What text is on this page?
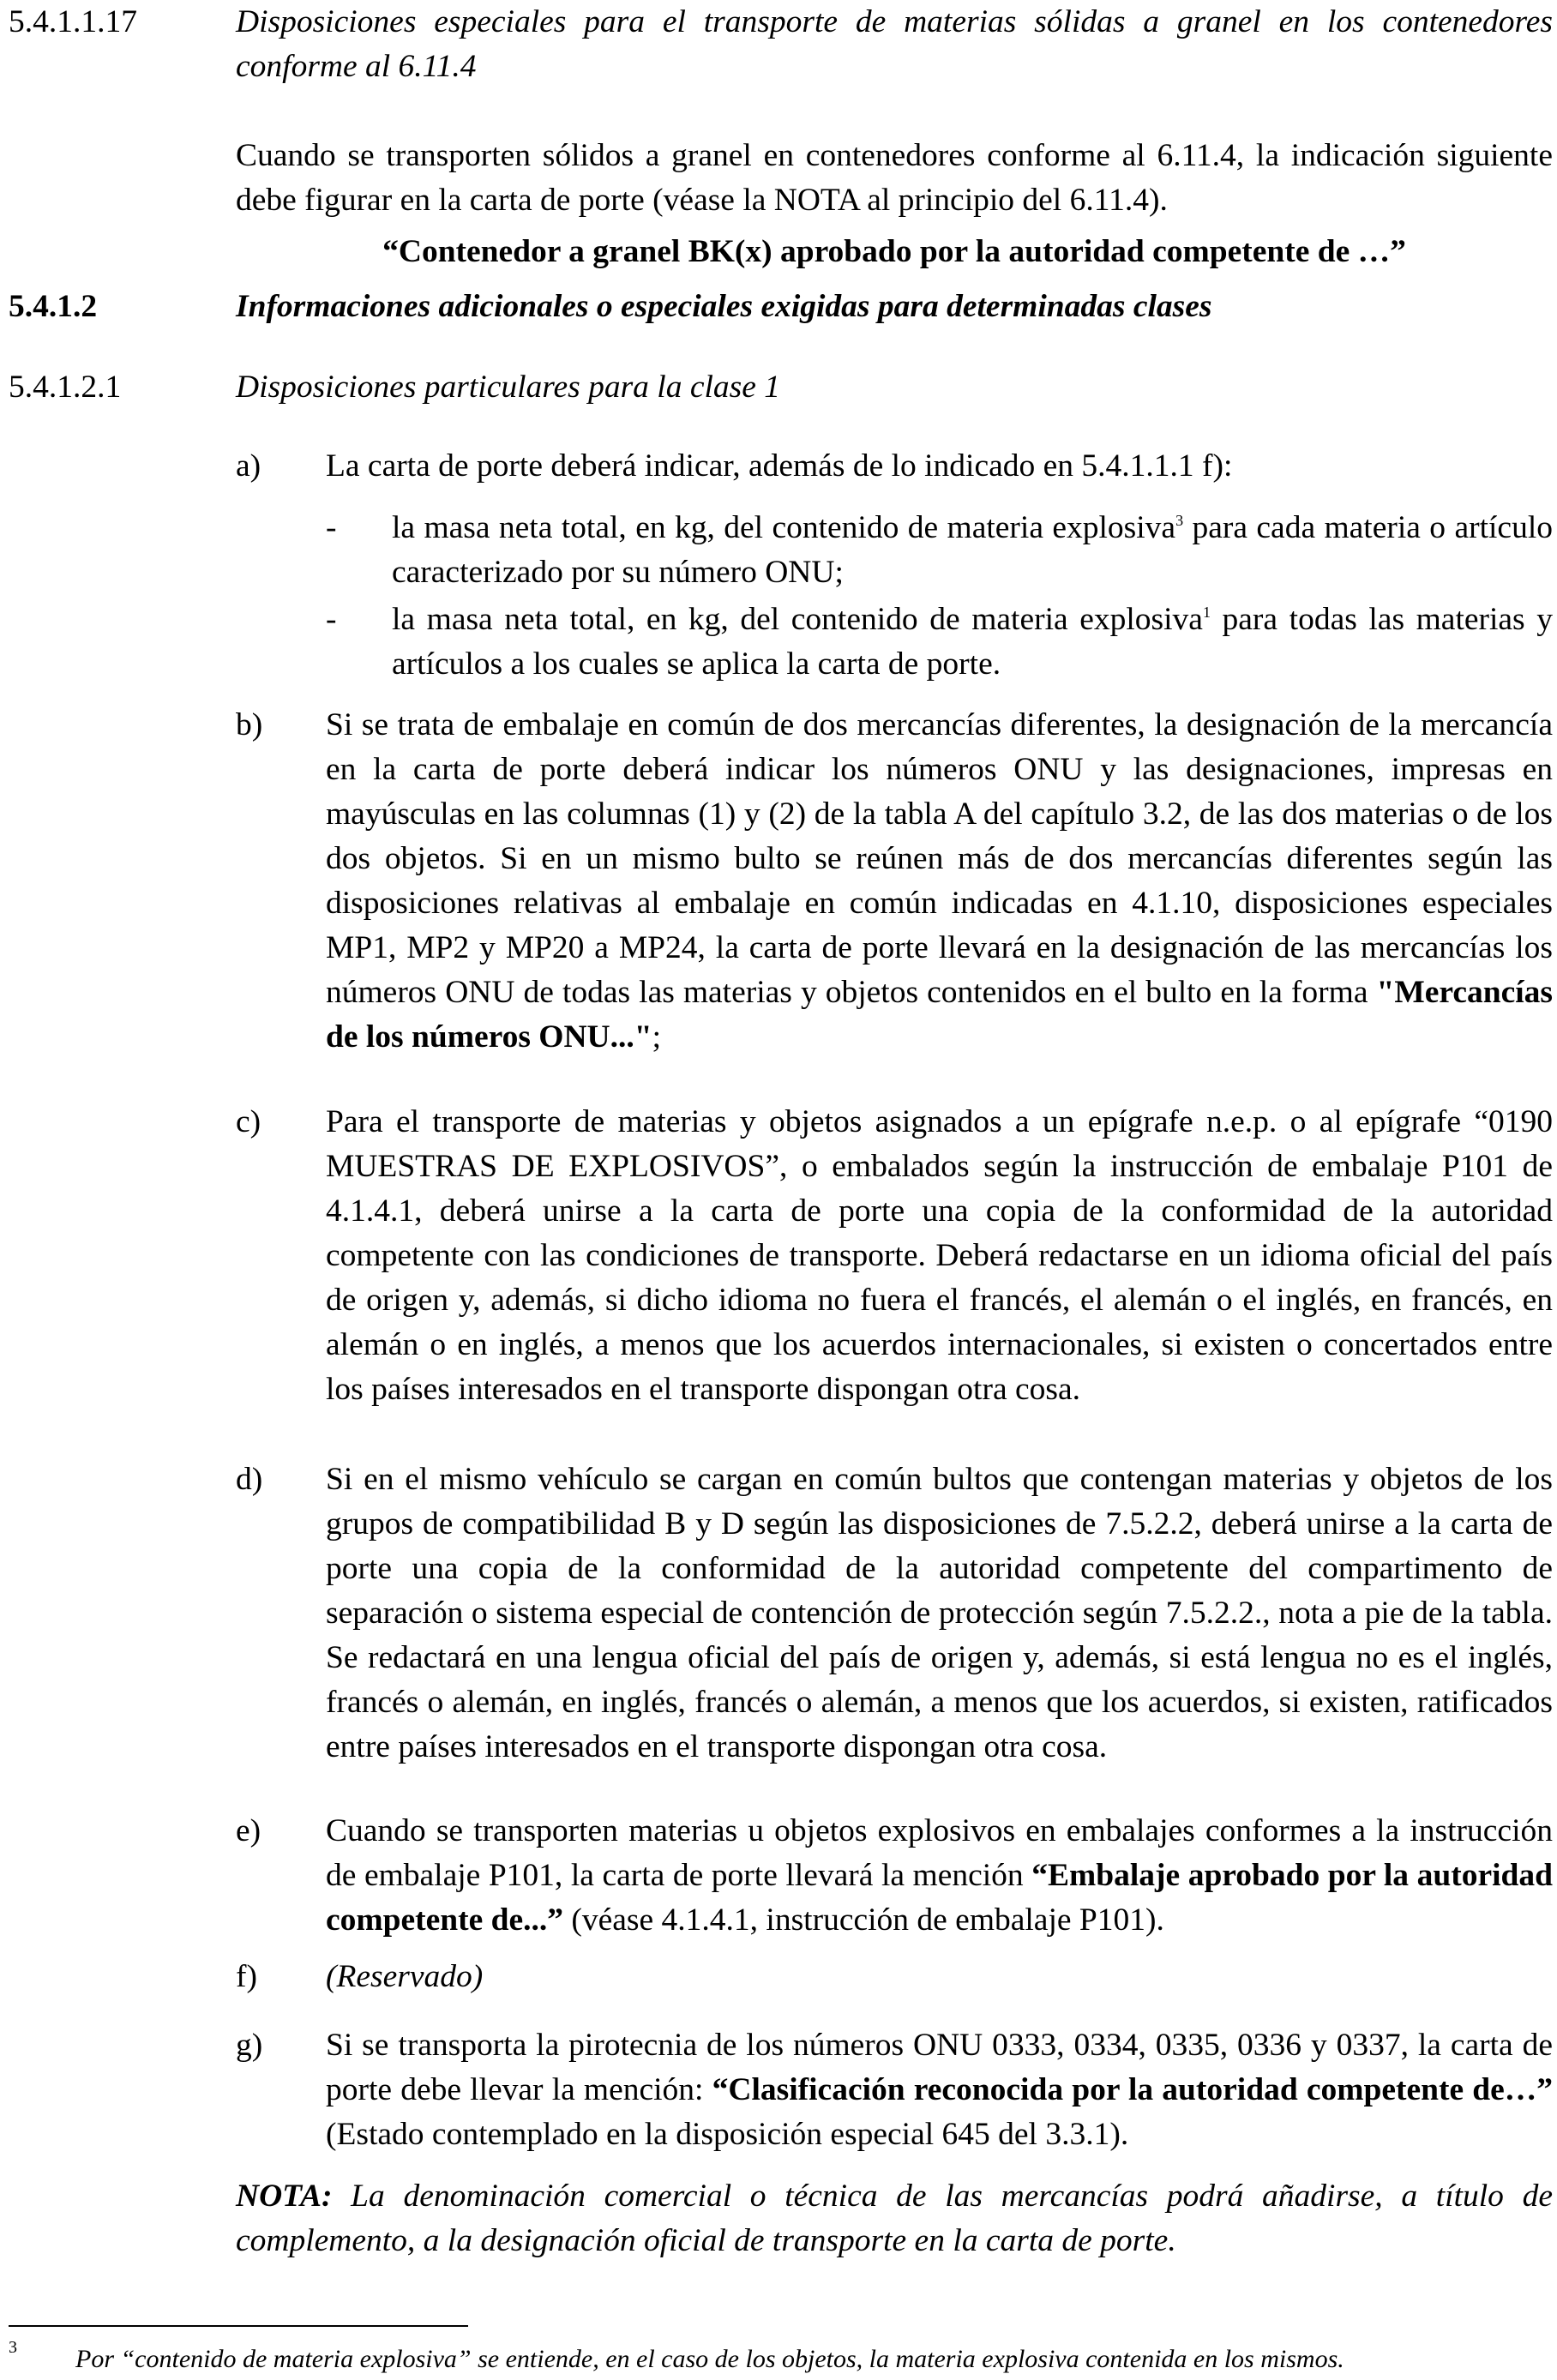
5.4.1.1.17	Disposiciones especiales para el transporte de materias sólidas a granel en los contenedores conforme al 6.11.4

Cuando se transporten sólidos a granel en contenedores conforme al 6.11.4, la indicación siguiente debe figurar en la carta de porte (véase la NOTA al principio del 6.11.4).

“Contenedor a granel BK(x) aprobado por la autoridad competente de …”

5.4.1.2	Informaciones adicionales o especiales exigidas para determinadas clases
5.4.1.2.1	Disposiciones particulares para la clase 1
a) La carta de porte deberá indicar, además de lo indicado en 5.4.1.1.1 f):
- la masa neta total, en kg, del contenido de materia explosiva$^3$ para cada materia o artículo caracterizado por su número ONU;
- la masa neta total, en kg, del contenido de materia explosiva$^1$ para todas las materias y artículos a los cuales se aplica la carta de porte.
b) Si se trata de embalaje en común de dos mercancías diferentes, la designación de la mercancía en la carta de porte deberá indicar los números ONU y las designaciones, impresas en mayúsculas en las columnas (1) y (2) de la tabla A del capítulo 3.2, de las dos materias o de los dos objetos. Si en un mismo bulto se reúnen más de dos mercancías diferentes según las disposiciones relativas al embalaje en común indicadas en 4.1.10, disposiciones especiales MP1, MP2 y MP20 a MP24, la carta de porte llevará en la designación de las mercancías los números ONU de todas las materias y objetos contenidos en el bulto en la forma "Mercancías de los números ONU...";
c) Para el transporte de materias y objetos asignados a un epígrafe n.e.p. o al epígrafe “0190 MUESTRAS DE EXPLOSIVOS”, o embalados según la instrucción de embalaje P101 de 4.1.4.1, deberá unirse a la carta de porte una copia de la conformidad de la autoridad competente con las condiciones de transporte. Deberá redactarse en un idioma oficial del país de origen y, además, si dicho idioma no fuera el francés, el alemán o el inglés, en francés, en alemán o en inglés, a menos que los acuerdos internacionales, si existen o concertados entre los países interesados en el transporte dispongan otra cosa.
d) Si en el mismo vehículo se cargan en común bultos que contengan materias y objetos de los grupos de compatibilidad B y D según las disposiciones de 7.5.2.2, deberá unirse a la carta de porte una copia de la conformidad de la autoridad competente del compartimento de separación o sistema especial de contención de protección según 7.5.2.2., nota a pie de la tabla. Se redactará en una lengua oficial del país de origen y, además, si está lengua no es el inglés, francés o alemán, en inglés, francés o alemán, a menos que los acuerdos, si existen, ratificados entre países interesados en el transporte dispongan otra cosa.
e) Cuando se transporten materias u objetos explosivos en embalajes conformes a la instrucción de embalaje P101, la carta de porte llevará la mención “Embalaje aprobado por la autoridad competente de...” (véase 4.1.4.1, instrucción de embalaje P101).
f) (Reservado)
g) Si se transporta la pirotecnia de los números ONU 0333, 0334, 0335, 0336 y 0337, la carta de porte debe llevar la mención: “Clasificación reconocida por la autoridad competente de…” (Estado contemplado en la disposición especial 645 del 3.3.1).
NOTA: La denominación comercial o técnica de las mercancías podrá añadirse, a título de complemento, a la designación oficial de transporte en la carta de porte.
3 Por “contenido de materia explosiva” se entiende, en el caso de los objetos, la materia explosiva contenida en los mismos.
